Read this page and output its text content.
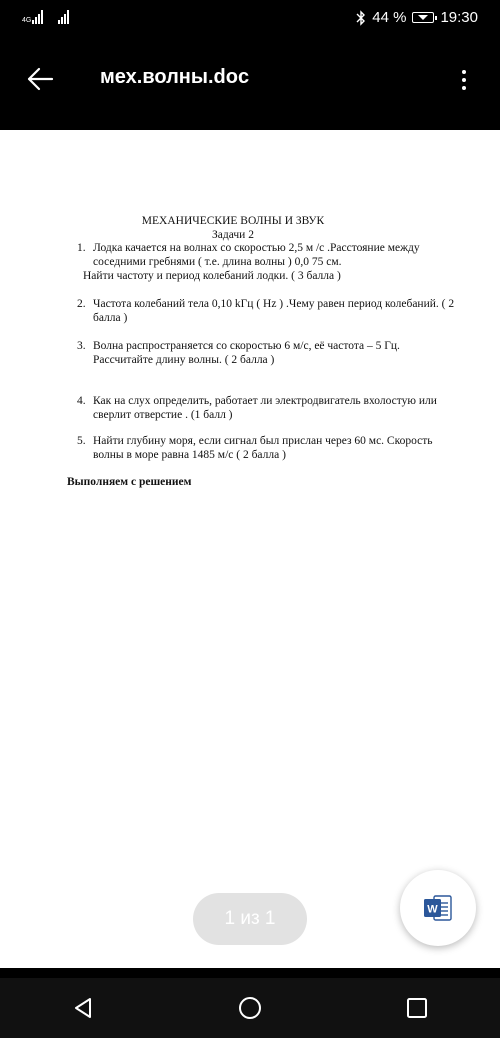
4G	44 % 19:30
мех.волны.doc
МЕХАНИЧЕСКИЕ ВОЛНЫ И ЗВУК
Задачи 2
1. Лодка качается на волнах со скоростью 2,5 м /с .Расстояние между
соседними гребнями ( т.е. длина волны ) 0,0 75 см.
Найти частоту и период колебаний лодки. ( 3 балла )
2. Частота колебаний тела 0,10 kГц ( Hz ) .Чему равен период колебаний. ( 2
балла )
3. Волна распространяется со скоростью 6 м/с, её частота – 5 Гц.
Рассчитайте длину волны. ( 2 балла )
4. Как на слух определить, работает ли электродвигатель вхолостую или
сверлит отверстие . (1 балл )
5. Найти глубину моря, если сигнал был прислан через 60 мс. Скорость
волны в море равна 1485 м/с ( 2 балла )
Выполняем с решением
1 из 1	W
